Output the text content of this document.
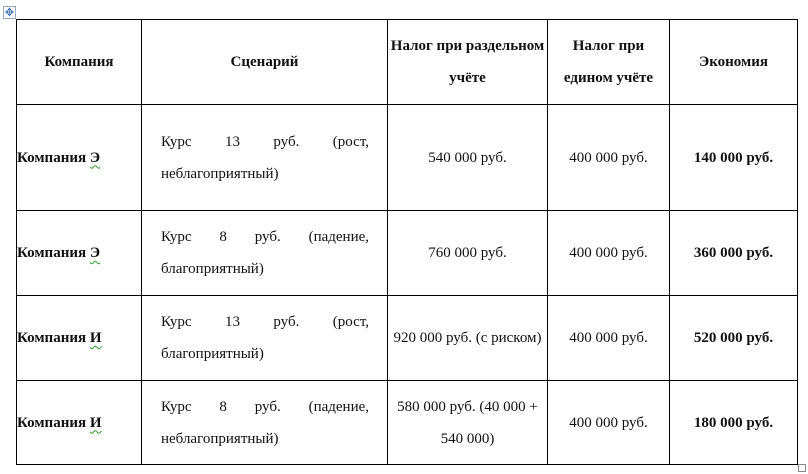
✥
Компания	Сценарий	Налог при раздельном учёте	Налог при едином учёте	Экономия
Компания Э	Курс 13 руб. (рост, неблагоприятный)	540 000 руб.	400 000 руб.	140 000 руб.
Компания Э	Курс 8 руб. (падение, благоприятный)	760 000 руб.	400 000 руб.	360 000 руб.
Компания И	Курс 13 руб. (рост, благоприятный)	920 000 руб. (с риском)	400 000 руб.	520 000 руб.
Компания И	Курс 8 руб. (падение, неблагоприятный)	580 000 руб. (40 000 + 540 000)	400 000 руб.	180 000 руб.
